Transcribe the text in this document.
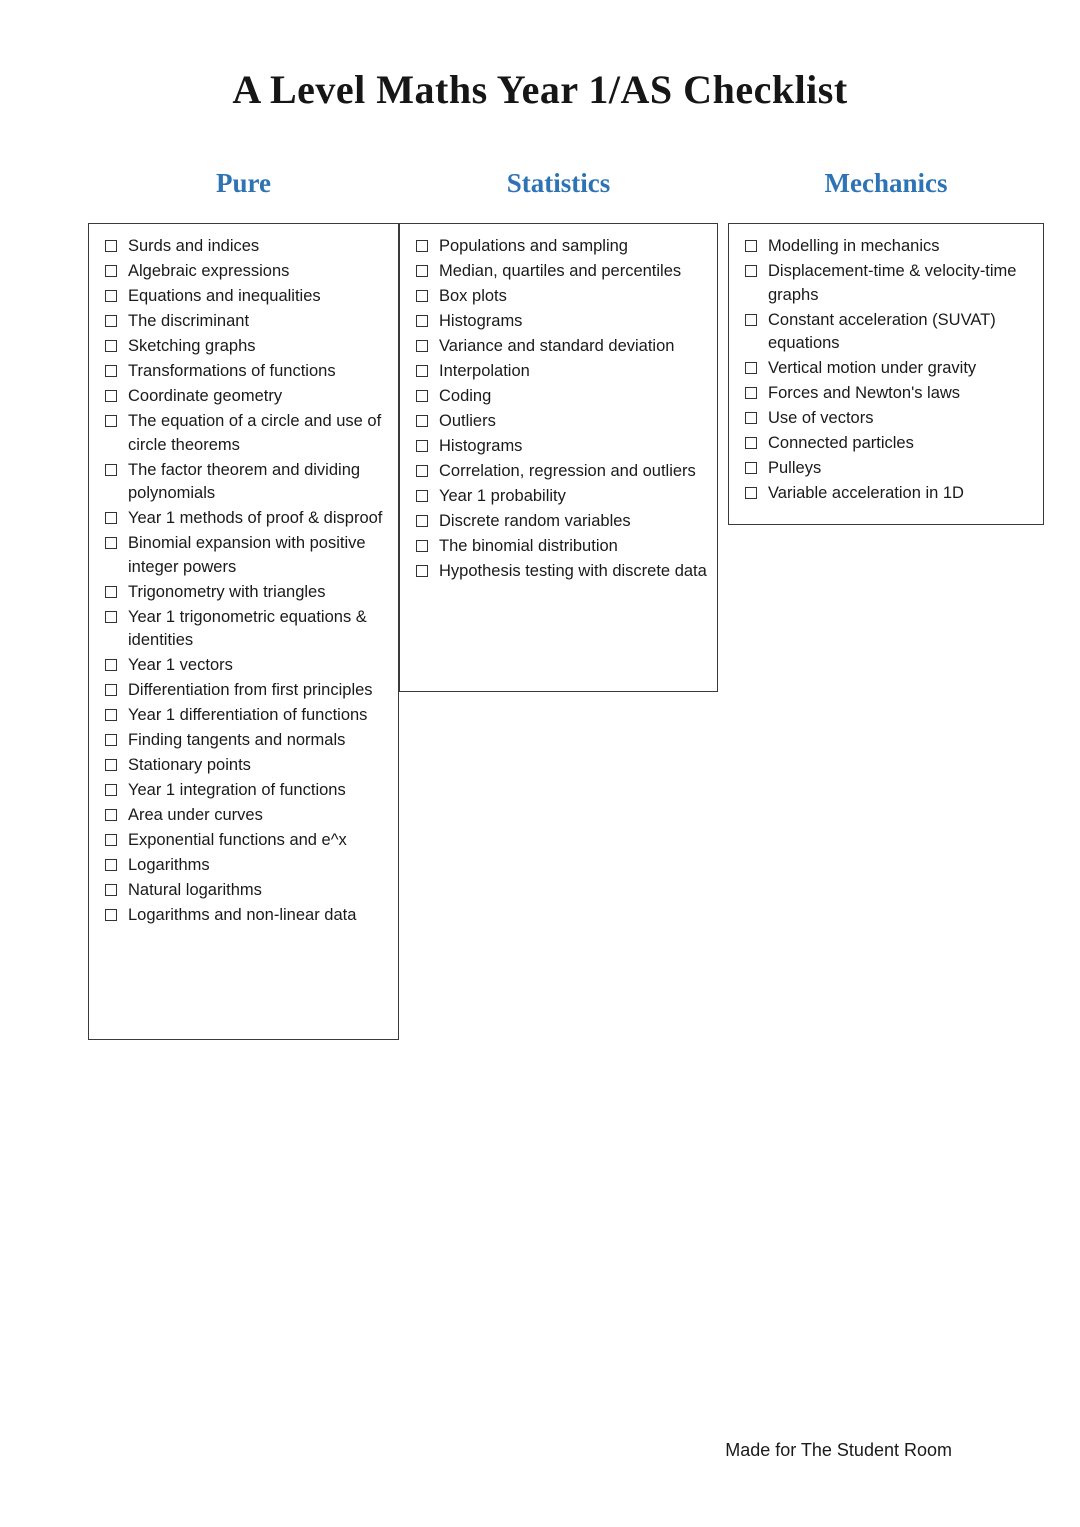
A Level Maths Year 1/AS Checklist
Pure	Statistics	Mechanics
Surds and indices
Algebraic expressions
Equations and inequalities
The discriminant
Sketching graphs
Transformations of functions
Coordinate geometry
The equation of a circle and use of circle theorems
The factor theorem and dividing polynomials
Year 1 methods of proof & disproof
Binomial expansion with positive integer powers
Trigonometry with triangles
Year 1 trigonometric equations & identities
Year 1 vectors
Differentiation from first principles
Year 1 differentiation of functions
Finding tangents and normals
Stationary points
Year 1 integration of functions
Area under curves
Exponential functions and e^x
Logarithms
Natural logarithms
Logarithms and non-linear data
Populations and sampling
Median, quartiles and percentiles
Box plots
Histograms
Variance and standard deviation
Interpolation
Coding
Outliers
Histograms
Correlation, regression and outliers
Year 1 probability
Discrete random variables
The binomial distribution
Hypothesis testing with discrete data
Modelling in mechanics
Displacement-time & velocity-time graphs
Constant acceleration (SUVAT) equations
Vertical motion under gravity
Forces and Newton's laws
Use of vectors
Connected particles
Pulleys
Variable acceleration in 1D
Made for The Student Room
